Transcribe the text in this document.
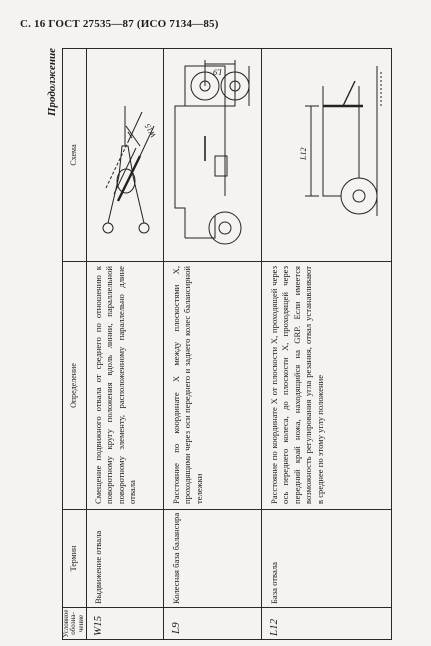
С. 16 ГОСТ 27535—87 (ИСО 7134—85)
Продолжение
Условное обозна-чение
Термин
Определение
Схема
W15
Выдвижение отвала
Смещение подвижного отвала от среднего по отношению к поворотному кругу положения вдоль линии, параллельной поворотному элементу, расположенному параллельно длине отвала
W15
L9
Колесная база балансира
Расстояние по координате X между плоскостями X, проходящими через оси переднего и заднего колес балансирной тележки
L9
L12
База отвала
Расстояние по координате X от плоскости X, проходящей через ось переднего колеса, до плоскости X, проходящей через передний край ножа, находящийся на GRP. Если имеется возможность регулирования угла резания, отвал устанавливают в среднее по этому углу положение
L12
